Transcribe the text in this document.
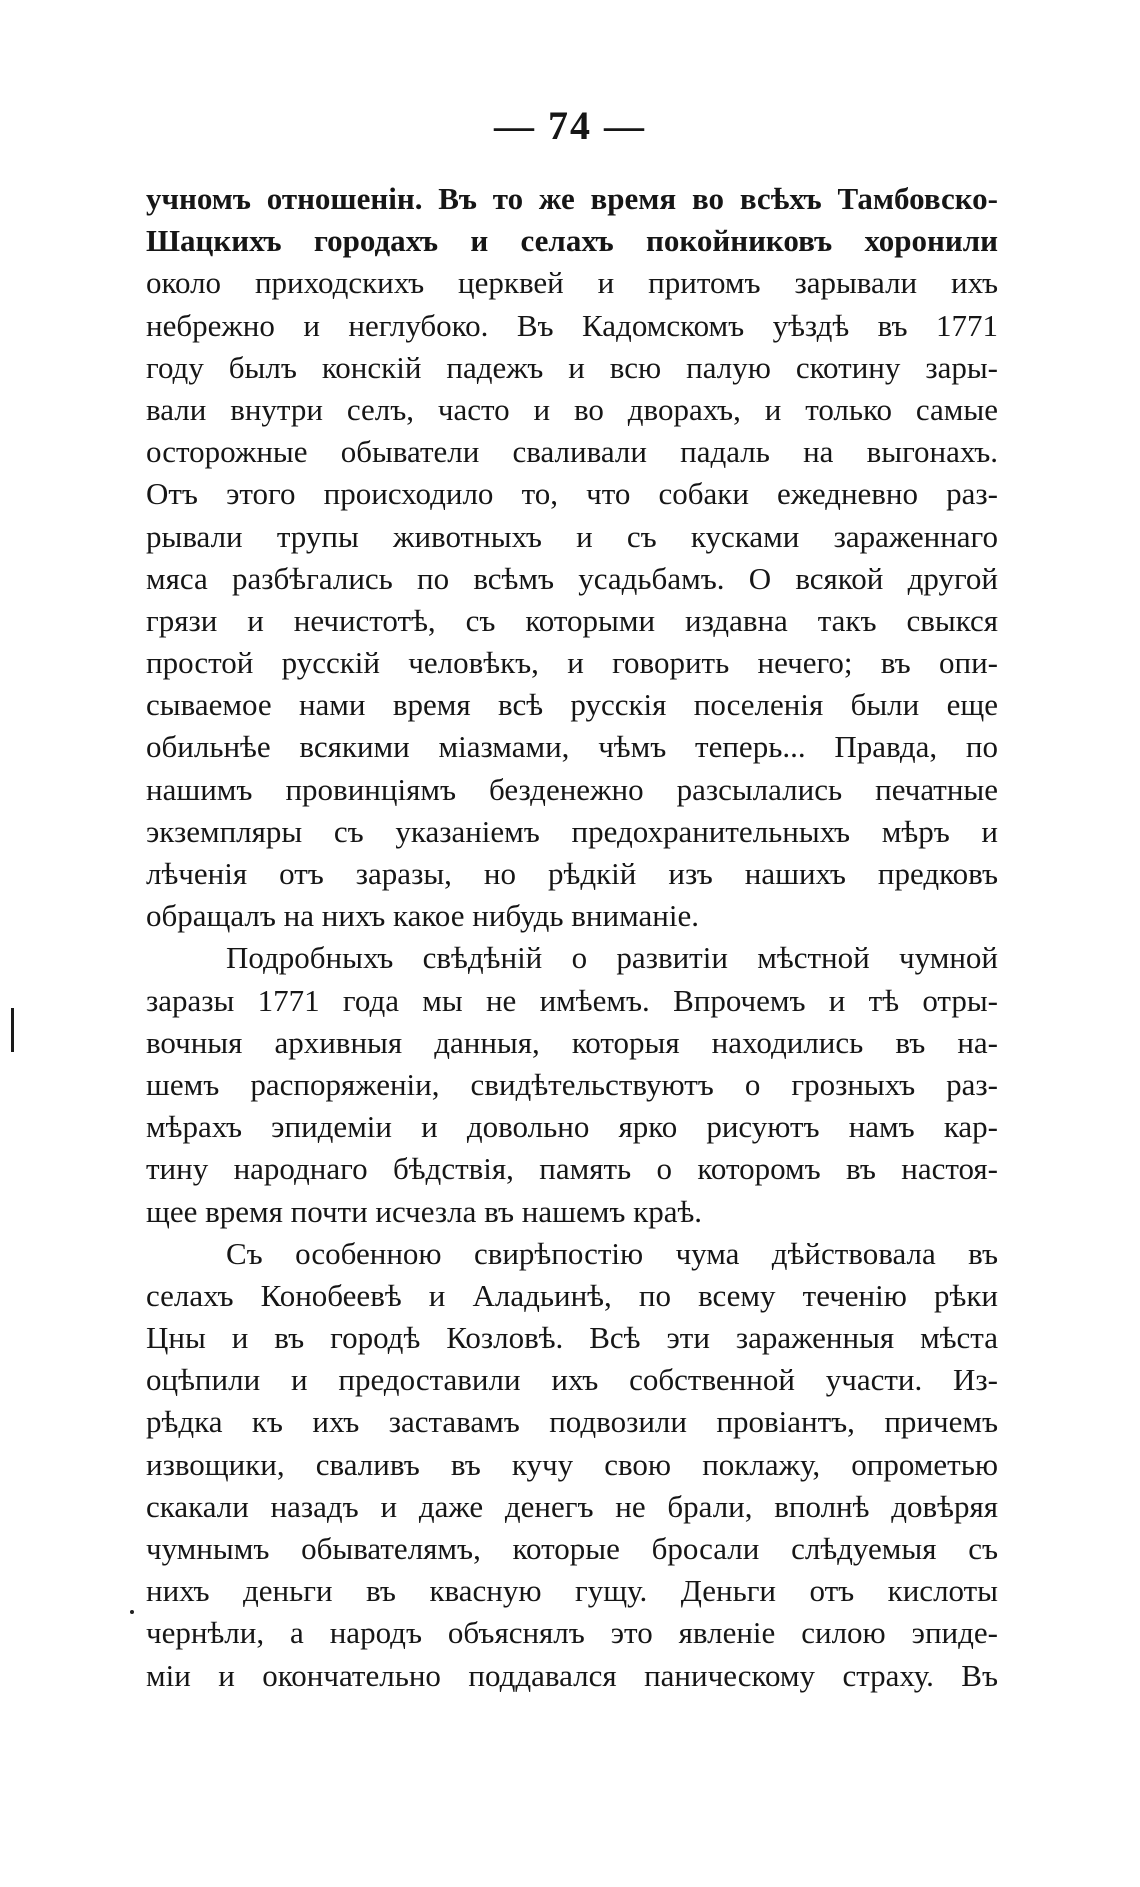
— 74 —
учномъ отношенін. Въ то же время во всѣхъ Тамбовско-
Шацкихъ городахъ и селахъ покойниковъ хоронили
около приходскихъ церквей и притомъ зарывали ихъ
небрежно и неглубоко. Въ Кадомскомъ уѣздѣ въ 1771
году былъ конскій падежъ и всю палую скотину зары-
вали внутри селъ, часто и во дворахъ, и только самые
осторожные обыватели сваливали падаль на выгонахъ.
Отъ этого происходило то, что собаки ежедневно раз-
рывали трупы животныхъ и съ кусками зараженнаго
мяса разбѣгались по всѣмъ усадьбамъ. О всякой другой
грязи и нечистотѣ, съ которыми издавна такъ свыкся
простой русскій человѣкъ, и говорить нечего; въ опи-
сываемое нами время всѣ русскія поселенія были еще
обильнѣе всякими міазмами, чѣмъ теперь... Правда, по
нашимъ провинціямъ безденежно разсылались печатные
экземпляры съ указаніемъ предохранительныхъ мѣръ и
лѣченія отъ заразы, но рѣдкій изъ нашихъ предковъ
обращалъ на нихъ какое нибудь вниманіе.
Подробныхъ свѣдѣній о развитіи мѣстной чумной
заразы 1771 года мы не имѣемъ. Впрочемъ и тѣ отры-
вочныя архивныя данныя, которыя находились въ на-
шемъ распоряженіи, свидѣтельствуютъ о грозныхъ раз-
мѣрахъ эпидеміи и довольно ярко рисуютъ намъ кар-
тину народнаго бѣдствія, память о которомъ въ настоя-
щее время почти исчезла въ нашемъ краѣ.
Съ особенною свирѣпостію чума дѣйствовала въ
селахъ Конобеевѣ и Аладьинѣ, по всему теченію рѣки
Цны и въ городѣ Козловѣ. Всѣ эти зараженныя мѣста
оцѣпили и предоставили ихъ собственной участи. Из-
рѣдка къ ихъ заставамъ подвозили провіантъ, причемъ
извощики, сваливъ въ кучу свою поклажу, опрометью
скакали назадъ и даже денегъ не брали, вполнѣ довѣряя
чумнымъ обывателямъ, которые бросали слѣдуемыя съ
нихъ деньги въ квасную гущу. Деньги отъ кислоты
чернѣли, а народъ объяснялъ это явленіе силою эпиде-
міи и окончательно поддавался паническому страху. Въ
